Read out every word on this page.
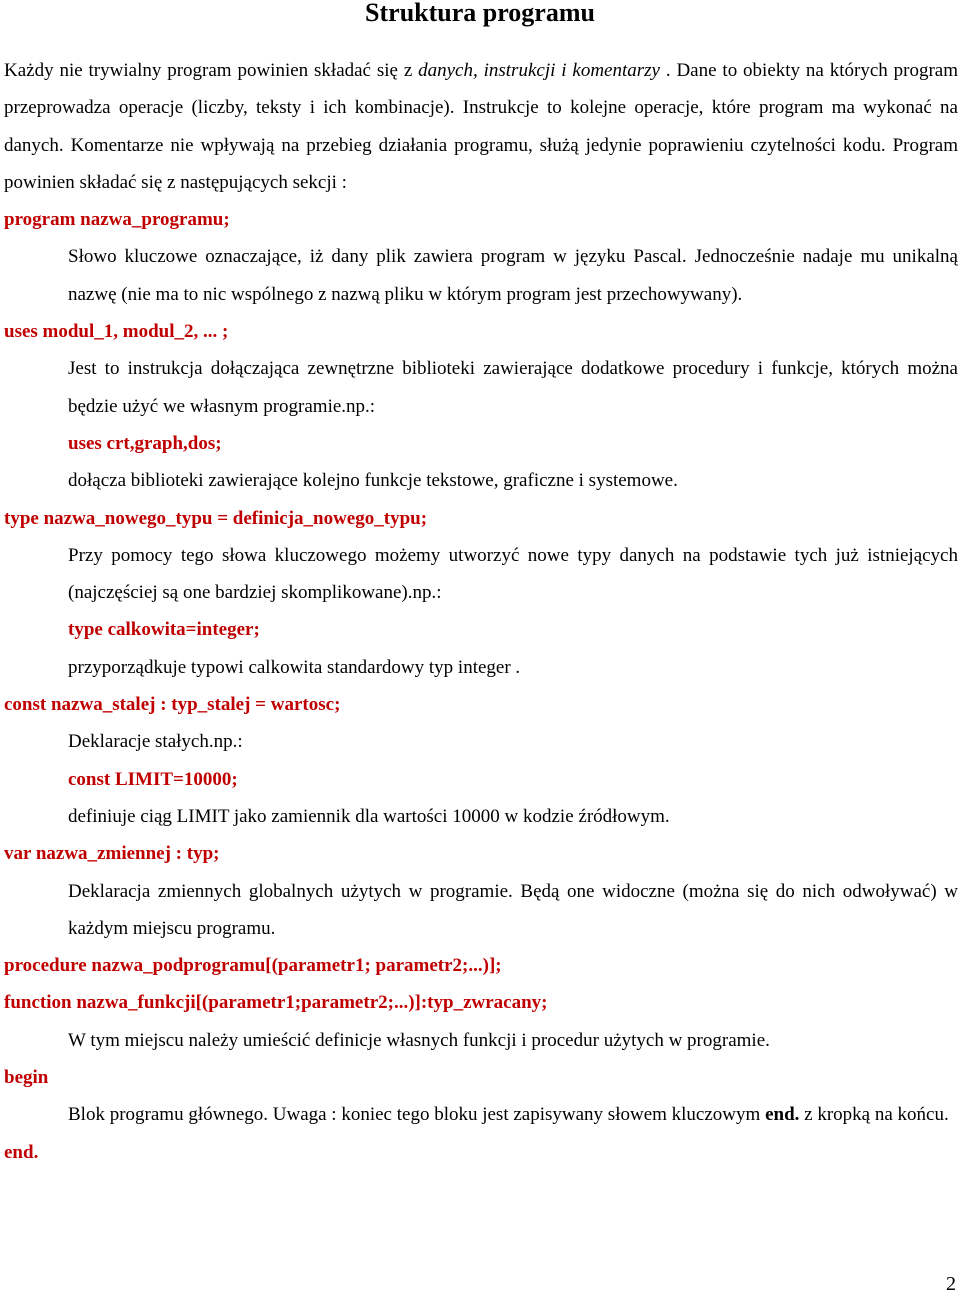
Struktura programu

Każdy nie trywialny program powinien składać się z danych, instrukcji i komentarzy . Dane to obiekty na których program przeprowadza operacje (liczby, teksty i ich kombinacje). Instrukcje to kolejne operacje, które program ma wykonać na danych. Komentarze nie wpływają na przebieg działania programu, służą jedynie poprawieniu czytelności kodu. Program powinien składać się z następujących sekcji :

program nazwa_programu;

Słowo kluczowe oznaczające, iż dany plik zawiera program w języku Pascal. Jednocześnie nadaje mu unikalną nazwę (nie ma to nic wspólnego z nazwą pliku w którym program jest przechowywany).

uses modul_1, modul_2, ... ;

Jest to instrukcja dołączająca zewnętrzne biblioteki zawierające dodatkowe procedury i funkcje, których można będzie użyć we własnym programie.np.:

uses crt,graph,dos;

dołącza biblioteki zawierające kolejno funkcje tekstowe, graficzne i systemowe.

type nazwa_nowego_typu = definicja_nowego_typu;

Przy pomocy tego słowa kluczowego możemy utworzyć nowe typy danych na podstawie tych już istniejących (najczęściej są one bardziej skomplikowane).np.:

type calkowita=integer;

przyporządkuje typowi calkowita standardowy typ integer .

const nazwa_stalej : typ_stalej = wartosc;

Deklaracje stałych.np.:

const LIMIT=10000;

definiuje ciąg LIMIT jako zamiennik dla wartości 10000 w kodzie źródłowym.

var nazwa_zmiennej : typ;

Deklaracja zmiennych globalnych użytych w programie. Będą one widoczne (można się do nich odwoływać) w każdym miejscu programu.

procedure nazwa_podprogramu[(parametr1; parametr2;...)];

function nazwa_funkcji[(parametr1;parametr2;...)]:typ_zwracany;

W tym miejscu należy umieścić definicje własnych funkcji i procedur użytych w programie.

begin

Blok programu głównego. Uwaga : koniec tego bloku jest zapisywany słowem kluczowym end. z kropką na końcu.

end.

2
